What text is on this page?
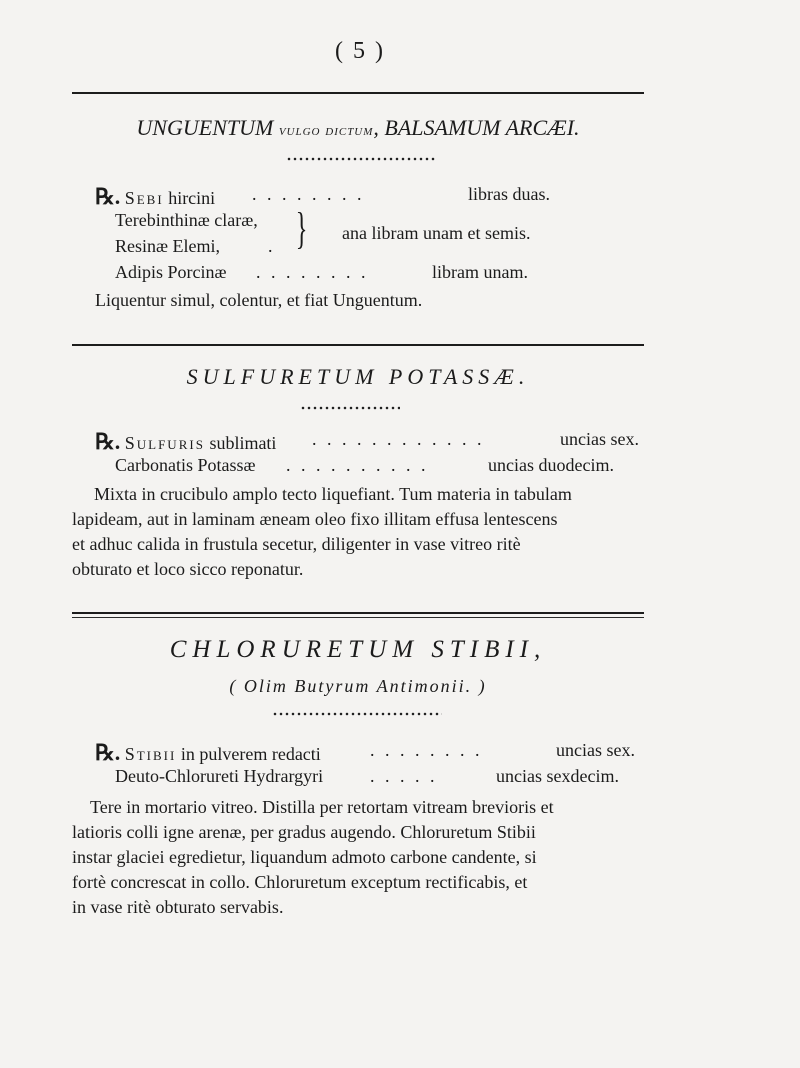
( 5 )
UNGUENTUM vulgo dictum, BALSAMUM ARCÆI.
℞. Sebi hircini . . . . . . . .	libras duas.
Terebinthinæ claræ,
Resinæ Elemi,	. } ana libram unam et semis.
Adipis Porcinæ . . . . . . . .	libram unam.
Liquentur simul, colentur, et fiat Unguentum.
SULFURETUM POTASSÆ.
℞. Sulfuris sublimati . . . . . . . . . . . .	uncias sex.
Carbonatis Potassæ . . . . . . . . . .	uncias duodecim.
Mixta in crucibulo amplo tecto liquefiant. Tum materia in tabulam
lapideam, aut in laminam æneam oleo fixo illitam effusa lentescens
et adhuc calida in frustula secetur, diligenter in vase vitreo ritè
obturato et loco sicco reponatur.
CHLORURETUM STIBII,
( Olim Butyrum Antimonii. )
℞. Stibii in pulverem redacti	. . . . . . . .	uncias sex.
Deuto-Chlorureti Hydrargyri	. . . . .	uncias sexdecim.
Tere in mortario vitreo. Distilla per retortam vitream brevioris et
latioris colli igne arenæ, per gradus augendo. Chloruretum Stibii
instar glaciei egredietur, liquandum admoto carbone candente, si
fortè concrescat in collo. Chloruretum exceptum rectificabis, et
in vase ritè obturato servabis.
